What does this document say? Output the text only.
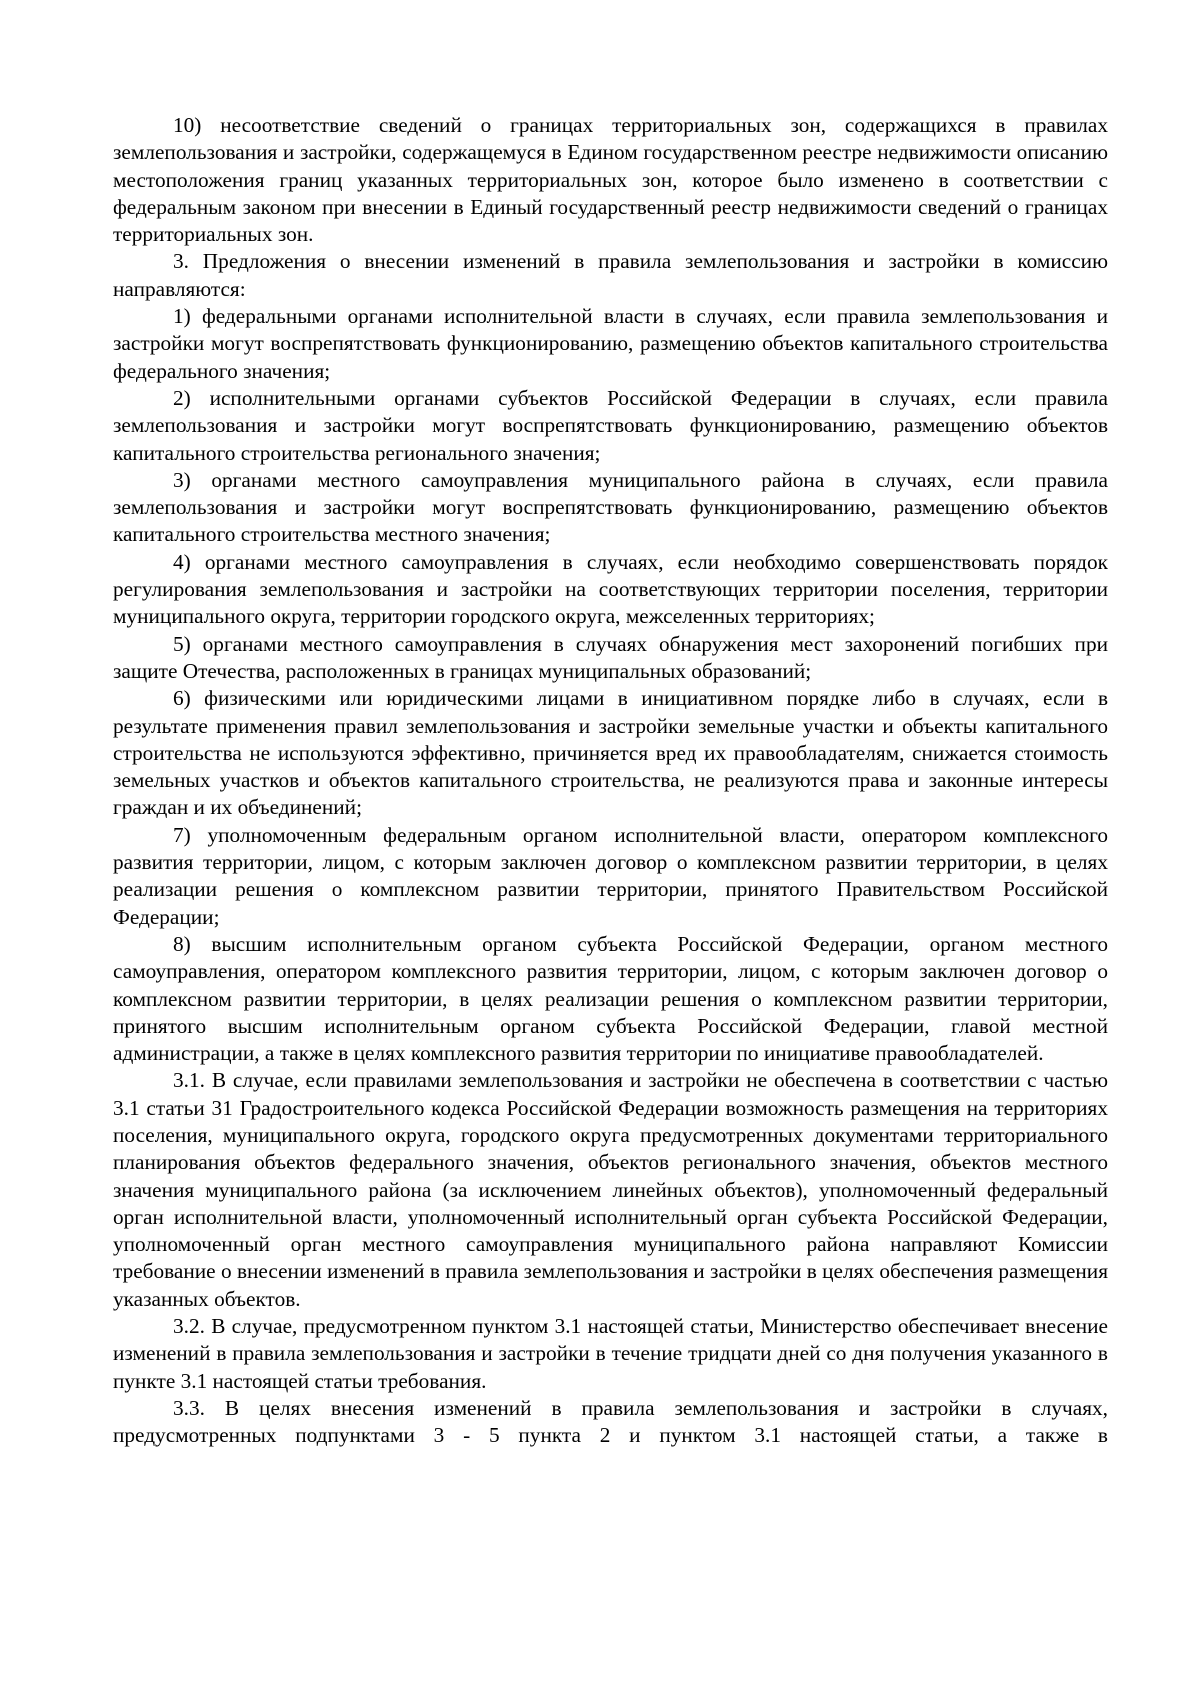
10) несоответствие сведений о границах территориальных зон, содержащихся в правилах землепользования и застройки, содержащемуся в Едином государственном реестре недвижимости описанию местоположения границ указанных территориальных зон, которое было изменено в соответствии с федеральным законом при внесении в Единый государственный реестр недвижимости сведений о границах территориальных зон.

3. Предложения о внесении изменений в правила землепользования и застройки в комиссию направляются:

1) федеральными органами исполнительной власти в случаях, если правила землепользования и застройки могут воспрепятствовать функционированию, размещению объектов капитального строительства федерального значения;

2) исполнительными органами субъектов Российской Федерации в случаях, если правила землепользования и застройки могут воспрепятствовать функционированию, размещению объектов капитального строительства регионального значения;

3) органами местного самоуправления муниципального района в случаях, если правила землепользования и застройки могут воспрепятствовать функционированию, размещению объектов капитального строительства местного значения;

4) органами местного самоуправления в случаях, если необходимо совершенствовать порядок регулирования землепользования и застройки на соответствующих территории поселения, территории муниципального округа, территории городского округа, межселенных территориях;

5) органами местного самоуправления в случаях обнаружения мест захоронений погибших при защите Отечества, расположенных в границах муниципальных образований;

6) физическими или юридическими лицами в инициативном порядке либо в случаях, если в результате применения правил землепользования и застройки земельные участки и объекты капитального строительства не используются эффективно, причиняется вред их правообладателям, снижается стоимость земельных участков и объектов капитального строительства, не реализуются права и законные интересы граждан и их объединений;

7) уполномоченным федеральным органом исполнительной власти, оператором комплексного развития территории, лицом, с которым заключен договор о комплексном развитии территории, в целях реализации решения о комплексном развитии территории, принятого Правительством Российской Федерации;

8) высшим исполнительным органом субъекта Российской Федерации, органом местного самоуправления, оператором комплексного развития территории, лицом, с которым заключен договор о комплексном развитии территории, в целях реализации решения о комплексном развитии территории, принятого высшим исполнительным органом субъекта Российской Федерации, главой местной администрации, а также в целях комплексного развития территории по инициативе правообладателей.

3.1. В случае, если правилами землепользования и застройки не обеспечена в соответствии с частью 3.1 статьи 31 Градостроительного кодекса Российской Федерации возможность размещения на территориях поселения, муниципального округа, городского округа предусмотренных документами территориального планирования объектов федерального значения, объектов регионального значения, объектов местного значения муниципального района (за исключением линейных объектов), уполномоченный федеральный орган исполнительной власти, уполномоченный исполнительный орган субъекта Российской Федерации, уполномоченный орган местного самоуправления муниципального района направляют Комиссии требование о внесении изменений в правила землепользования и застройки в целях обеспечения размещения указанных объектов.

3.2. В случае, предусмотренном пунктом 3.1 настоящей статьи, Министерство обеспечивает внесение изменений в правила землепользования и застройки в течение тридцати дней со дня получения указанного в пункте 3.1 настоящей статьи требования.

3.3. В целях внесения изменений в правила землепользования и застройки в случаях, предусмотренных подпунктами 3 - 5 пункта 2 и пунктом 3.1 настоящей статьи, а также в
